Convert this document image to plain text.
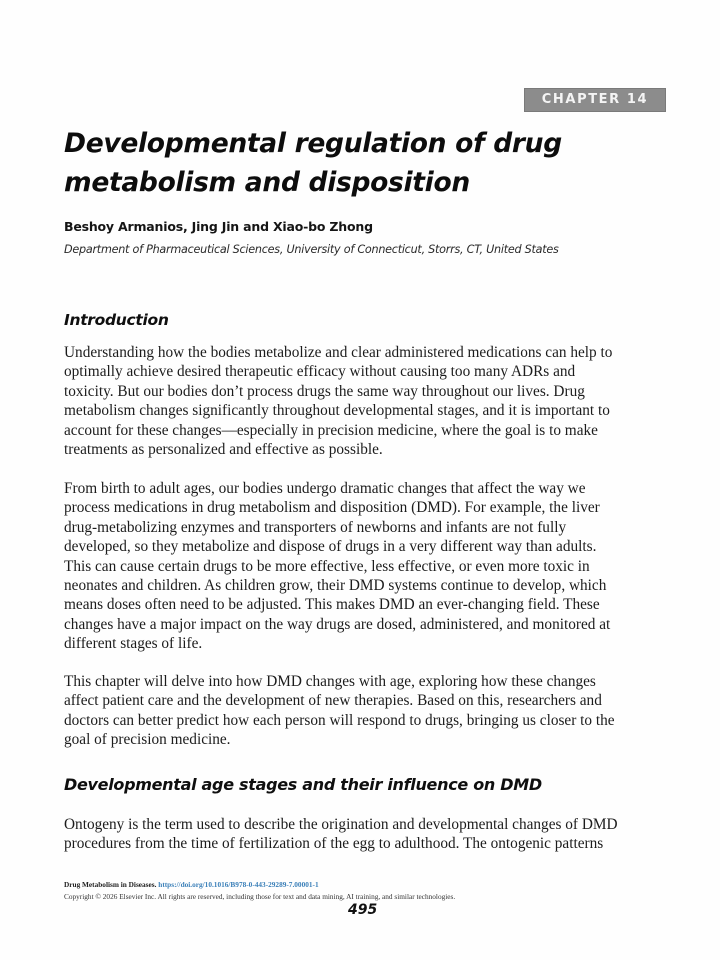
CHAPTER 14
Developmental regulation of drug
metabolism and disposition
Beshoy Armanios, Jing Jin and Xiao-bo Zhong
Department of Pharmaceutical Sciences, University of Connecticut, Storrs, CT, United States
Introduction
Understanding how the bodies metabolize and clear administered medications can help to
optimally achieve desired therapeutic efficacy without causing too many ADRs and
toxicity. But our bodies don’t process drugs the same way throughout our lives. Drug
metabolism changes significantly throughout developmental stages, and it is important to
account for these changes—especially in precision medicine, where the goal is to make
treatments as personalized and effective as possible.
From birth to adult ages, our bodies undergo dramatic changes that affect the way we
process medications in drug metabolism and disposition (DMD). For example, the liver
drug-metabolizing enzymes and transporters of newborns and infants are not fully
developed, so they metabolize and dispose of drugs in a very different way than adults.
This can cause certain drugs to be more effective, less effective, or even more toxic in
neonates and children. As children grow, their DMD systems continue to develop, which
means doses often need to be adjusted. This makes DMD an ever-changing field. These
changes have a major impact on the way drugs are dosed, administered, and monitored at
different stages of life.
This chapter will delve into how DMD changes with age, exploring how these changes
affect patient care and the development of new therapies. Based on this, researchers and
doctors can better predict how each person will respond to drugs, bringing us closer to the
goal of precision medicine.
Developmental age stages and their influence on DMD
Ontogeny is the term used to describe the origination and developmental changes of DMD
procedures from the time of fertilization of the egg to adulthood. The ontogenic patterns
Drug Metabolism in Diseases. https://doi.org/10.1016/B978-0-443-29289-7.00001-1
Copyright © 2026 Elsevier Inc. All rights are reserved, including those for text and data mining, AI training, and similar technologies.
495
